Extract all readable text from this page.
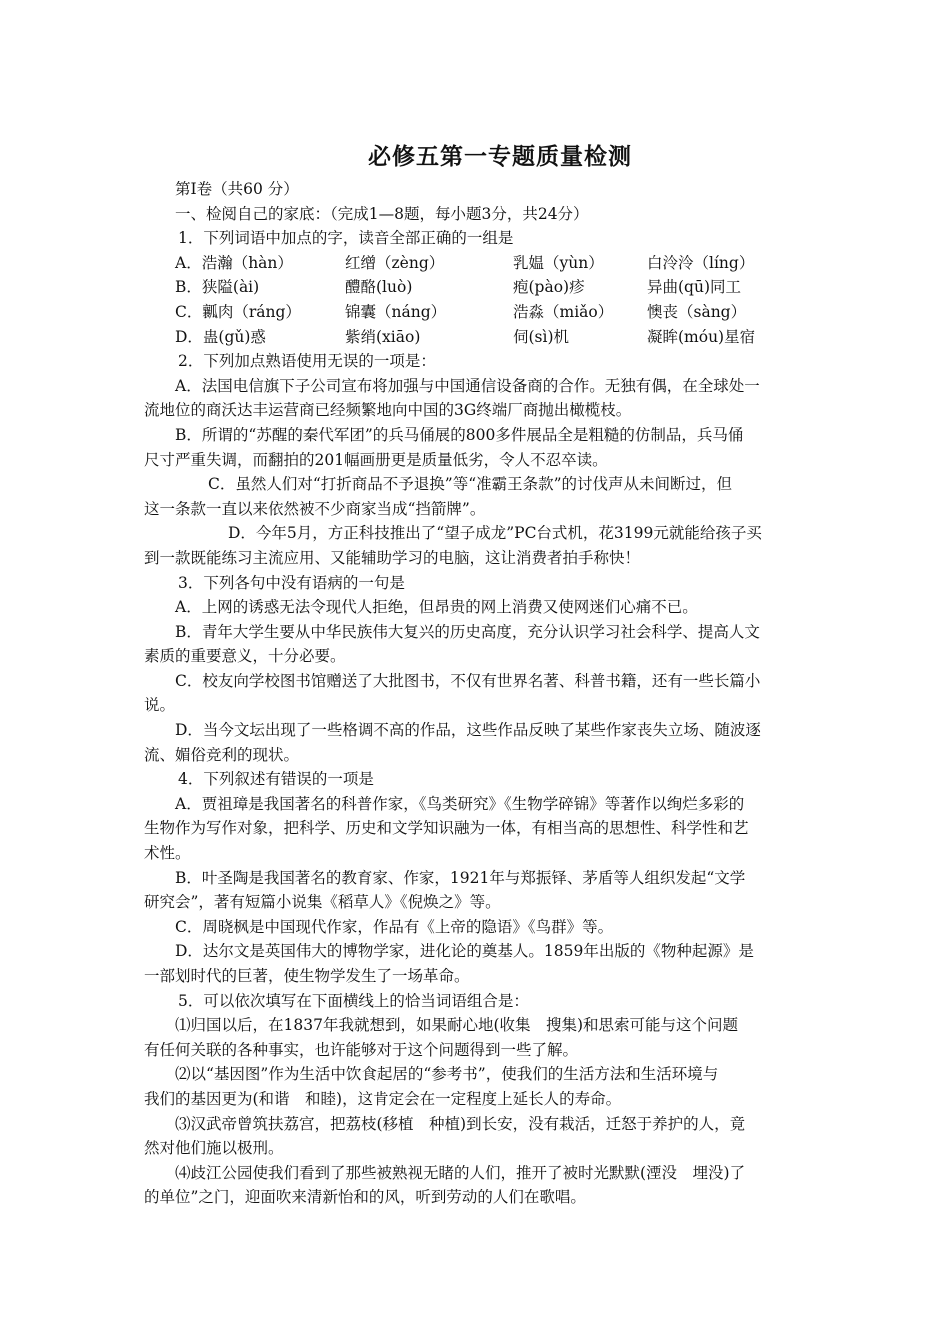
必修五第一专题质量检测
第Ⅰ卷（共60 分）
一、检阅自己的家底：（完成1—8题，每小题3分，共24分）
1．下列词语中加点的字，读音全部正确的一组是
A．浩瀚（hàn）	红缯（zèng）	乳媪（yùn）	白泠泠（líng）
B．狭隘(ài)	醴酪(luò)	疱(pào)疹	异曲(qū)同工
C．瓤肉（ráng）	锦囊（náng）	浩淼（miǎo） 懊丧（sàng）
D．蛊(gǔ)惑	紫绡(xiāo)	伺(sì)机	凝眸(móu)星宿
2．下列加点熟语使用无误的一项是：
A．法国电信旗下子公司宣布将加强与中国通信设备商的合作。无独有偶，在全球处一
流地位的商沃达丰运营商已经频繁地向中国的3G终端厂商抛出橄榄枝。
B．所谓的“苏醒的秦代军团”的兵马俑展的800多件展品全是粗糙的仿制品，兵马俑
尺寸严重失调，而翻拍的201幅画册更是质量低劣，令人不忍卒读。
C．虽然人们对“打折商品不予退换”等“准霸王条款”的讨伐声从未间断过，但
这一条款一直以来依然被不少商家当成“挡箭牌”。
D．今年5月，方正科技推出了“望子成龙”PC台式机，花3199元就能给孩子买
到一款既能练习主流应用、又能辅助学习的电脑，这让消费者拍手称快！
3．下列各句中没有语病的一句是
A．上网的诱惑无法令现代人拒绝，但昂贵的网上消费又使网迷们心痛不已。
B．青年大学生要从中华民族伟大复兴的历史高度，充分认识学习社会科学、提高人文
素质的重要意义，十分必要。
C．校友向学校图书馆赠送了大批图书，不仅有世界名著、科普书籍，还有一些长篇小
说。
D．当今文坛出现了一些格调不高的作品，这些作品反映了某些作家丧失立场、随波逐
流、媚俗竞利的现状。
4．下列叙述有错误的一项是
A．贾祖璋是我国著名的科普作家，《鸟类研究》《生物学碎锦》等著作以绚烂多彩的
生物作为写作对象，把科学、历史和文学知识融为一体，有相当高的思想性、科学性和艺
术性。
B．叶圣陶是我国著名的教育家、作家，1921年与郑振铎、茅盾等人组织发起“文学
研究会”，著有短篇小说集《稻草人》《倪焕之》等。
C．周晓枫是中国现代作家，作品有《上帝的隐语》《鸟群》等。
D．达尔文是英国伟大的博物学家，进化论的奠基人。1859年出版的《物种起源》是
一部划时代的巨著，使生物学发生了一场革命。
5．可以依次填写在下面横线上的恰当词语组合是：
⑴归国以后，在1837年我就想到，如果耐心地(收集　搜集)和思索可能与这个问题
有任何关联的各种事实，也许能够对于这个问题得到一些了解。
⑵以“基因图”作为生活中饮食起居的“参考书”，使我们的生活方法和生活环境与
我们的基因更为(和谐　和睦)，这肯定会在一定程度上延长人的寿命。
⑶汉武帝曾筑扶荔宫，把荔枝(移植　种植)到长安，没有栽活，迁怒于养护的人，竟
然对他们施以极刑。
⑷歧江公园使我们看到了那些被熟视无睹的人们，推开了被时光默默(湮没　埋没)了
的单位”之门，迎面吹来清新怡和的风，听到劳动的人们在歌唱。
